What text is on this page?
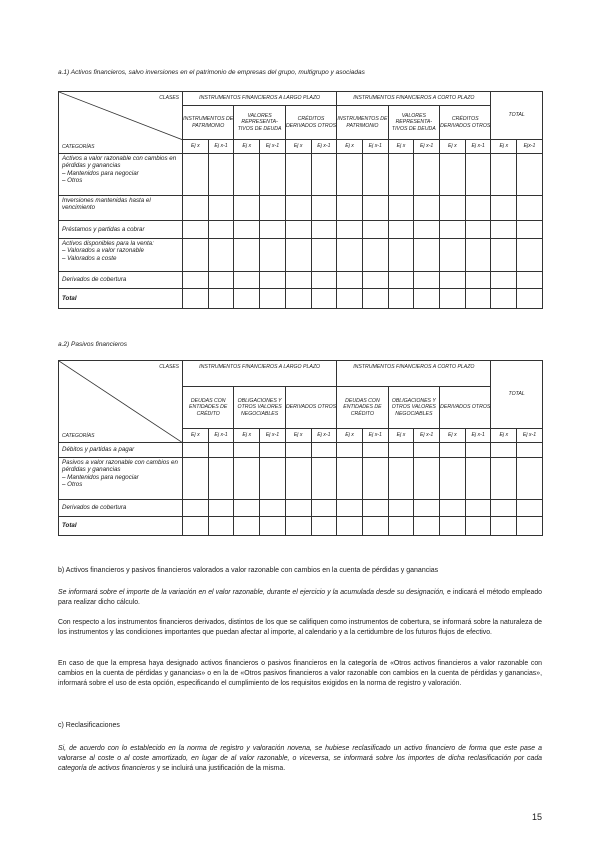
a.1) Activos financieros, salvo inversiones en el patrimonio de empresas del grupo, multigrupo y asociadas
CLASES
CATEGORÍAS	INSTRUMENTOS FINANCIEROS A LARGO PLAZO						INSTRUMENTOS FINANCIEROS A CORTO PLAZO						TOTAL	
	INSTRUMENTOS DE PATRIMONIO		VALORES REPRESENTA-TIVOS DE DEUDA		CRÉDITOS DERIVADOS OTROS		INSTRUMENTOS DE PATRIMONIO		VALORES REPRESENTA-TIVOS DE DEUDA		CRÉDITOS DERIVADOS OTROS			
	Ej x	Ej x-1	Ej x	Ej x-1	Ej x	Ej x-1	Ej x	Ej x-1	Ej x	Ej x-1	Ej x	Ej x-1	Ej x	Ejx-1
Activos a valor razonable con cambios en pérdidas y ganancias
– Mantenidos para negociar
– Otros														
Inversiones mantenidas hasta el vencimiento														
Préstamos y partidas a cobrar														
Activos disponibles para la venta:
– Valorados a valor razonable
– Valorados a coste														
Derivados de cobertura														
Total														
a.2) Pasivos financieros
CLASES
CATEGORÍAS	INSTRUMENTOS FINANCIEROS A LARGO PLAZO						INSTRUMENTOS FINANCIEROS A CORTO PLAZO						TOTAL	
	DEUDAS CON ENTIDADES DE CRÉDITO		OBLIGACIONES Y OTROS VALORES NEGOCIABLES		DERIVADOS OTROS		DEUDAS CON ENTIDADES DE CRÉDITO		OBLIGACIONES Y OTROS VALORES NEGOCIABLES		DERIVADOS OTROS			
	Ej x	Ej x-1	Ej x	Ej x-1	Ej x	Ej x-1	Ej x	Ej x-1	Ej x	Ej x-1	Ej x	Ej x-1	Ej x	Ej x-1
Débitos y partidas a pagar														
Pasivos a valor razonable con cambios en pérdidas y ganancias
– Mantenidos para negociar
– Otros														
Derivados de cobertura														
Total														
b) Activos financieros y pasivos financieros valorados a valor razonable con cambios en la cuenta de pérdidas y ganancias
Se informará sobre el importe de la variación en el valor razonable, durante el ejercicio y la acumulada desde su designación, e indicará el método empleado para realizar dicho cálculo.
Con respecto a los instrumentos financieros derivados, distintos de los que se califiquen como instrumentos de cobertura, se informará sobre la naturaleza de los instrumentos y las condiciones importantes que puedan afectar al importe, al calendario y a la certidumbre de los futuros flujos de efectivo.
En caso de que la empresa haya designado activos financieros o pasivos financieros en la categoría de «Otros activos financieros a valor razonable con cambios en la cuenta de pérdidas y ganancias» o en la de «Otros pasivos financieros a valor razonable con cambios en la cuenta de pérdidas y ganancias», informará sobre el uso de esta opción, especificando el cumplimiento de los requisitos exigidos en la norma de registro y valoración.
c) Reclasificaciones
Si, de acuerdo con lo establecido en la norma de registro y valoración novena, se hubiese reclasificado un activo financiero de forma que este pase a valorarse al coste o al coste amortizado, en lugar de al valor razonable, o viceversa, se informará sobre los importes de dicha reclasificación por cada categoría de activos financieros y se incluirá una justificación de la misma.
15
